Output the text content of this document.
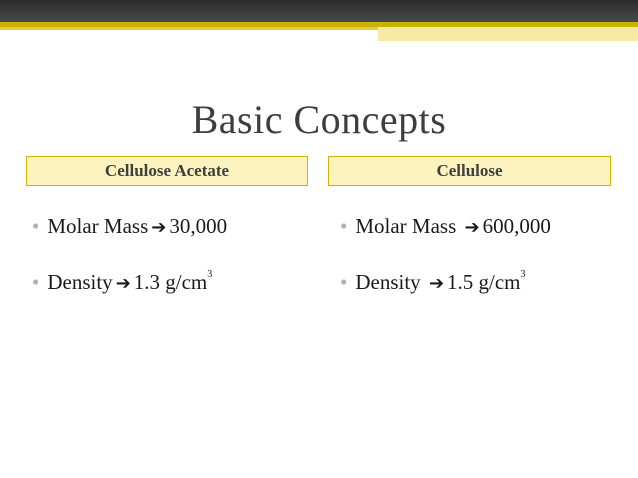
Basic Concepts
Cellulose Acetate	Cellulose
• Molar Mass ➔ 30,000
• Density ➔ 1.3 $g/cm^3$
• Molar Mass ➔ 600,000
• Density ➔ 1.5 $g/cm^3$
